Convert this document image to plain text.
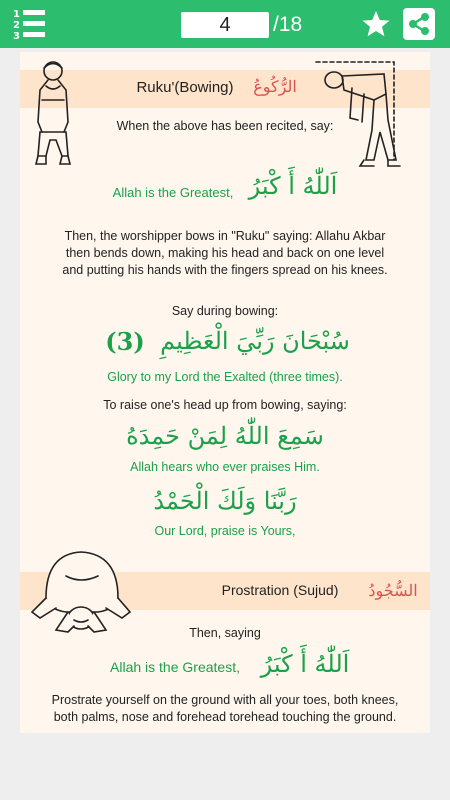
1
2
3
4	/18
Ruku'(Bowing)	الرُّكُوعُ
When the above has been recited, say:
Allah is the Greatest, اَللّٰهُ أَ كْبَرُ
Then, the worshipper bows in "Ruku" saying: Allahu Akbar
then bends down, making his head and back on one level
and putting his hands with the fingers spread on his knees.
Say during bowing:
(3) سُبْحَانَ رَبِّيَ الْعَظِيمِ
Glory to my Lord the Exalted (three times).
To raise one's head up from bowing, saying:
سَمِعَ اللّٰهُ لِمَنْ حَمِدَهُ
Allah hears who ever praises Him.
رَبَّنَا وَلَكَ الْحَمْدُ
Our Lord, praise is Yours,
Prostration (Sujud)	السُّجُودُ
Then, saying
Allah is the Greatest, اَللّٰهُ أَ كْبَرُ
Prostrate yourself on the ground with all your toes, both knees,
both palms, nose and forehead torehead touching the ground.
